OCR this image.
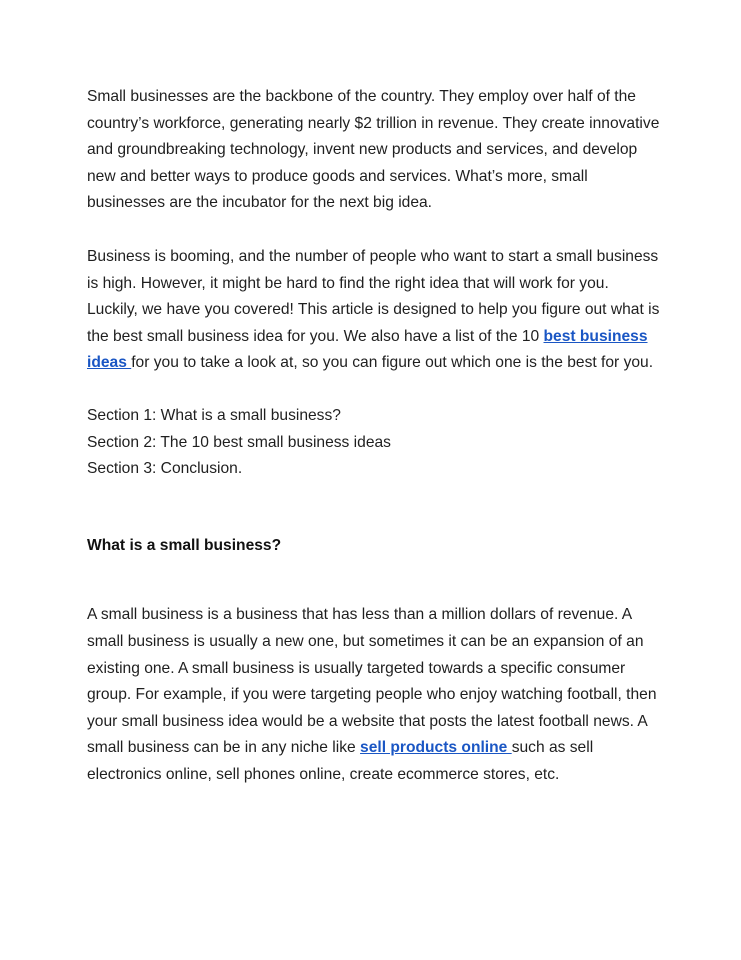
Small businesses are the backbone of the country. They employ over half of the country’s workforce, generating nearly $2 trillion in revenue. They create innovative and groundbreaking technology, invent new products and services, and develop new and better ways to produce goods and services. What’s more, small businesses are the incubator for the next big idea.

Business is booming, and the number of people who want to start a small business is high. However, it might be hard to find the right idea that will work for you. Luckily, we have you covered! This article is designed to help you figure out what is the best small business idea for you. We also have a list of the 10 best business ideas for you to take a look at, so you can figure out which one is the best for you.

Section 1: What is a small business?

Section 2: The 10 best small business ideas

Section 3: Conclusion.

What is a small business?

A small business is a business that has less than a million dollars of revenue. A small business is usually a new one, but sometimes it can be an expansion of an existing one. A small business is usually targeted towards a specific consumer group. For example, if you were targeting people who enjoy watching football, then your small business idea would be a website that posts the latest football news. A small business can be in any niche like sell products online such as sell electronics online, sell phones online, create ecommerce stores, etc.
